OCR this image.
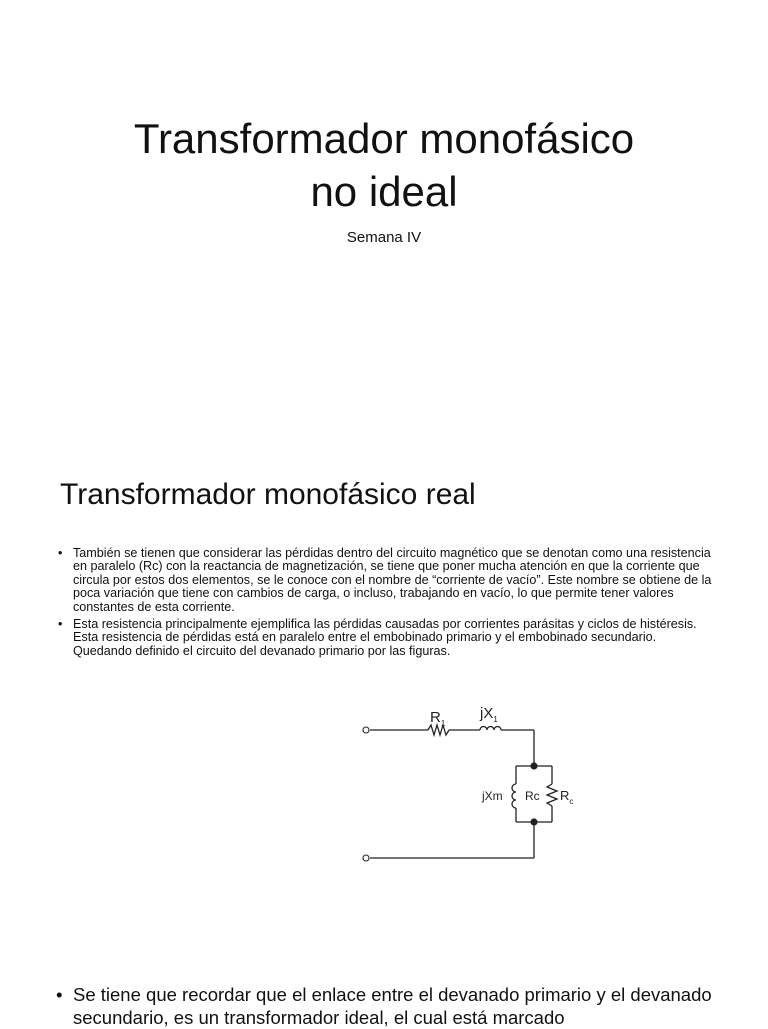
Transformador monofásico
no ideal

Semana IV

Transformador monofásico real
• También se tienen que considerar las pérdidas dentro del circuito magnético que se denotan como una resistencia en paralelo (Rc) con la reactancia de magnetización, se tiene que poner mucha atención en que la corriente que circula por estos dos elementos, se le conoce con el nombre de “corriente de vacío”. Este nombre se obtiene de la poca variación que tiene con cambios de carga, o incluso, trabajando en vacío, lo que permite tener valores constantes de esta corriente.
• Esta resistencia principalmente ejemplifica las pérdidas causadas por corrientes parásitas y ciclos de histéresis. Esta resistencia de pérdidas está en paralelo entre el embobinado primario y el embobinado secundario. Quedando definido el circuito del devanado primario por las figuras.
$R_1$
$jX_1$
jXm Rc $R_c$

• Se tiene que recordar que el enlace entre el devanado primario y el devanado secundario, es un transformador ideal, el cual está marcado
